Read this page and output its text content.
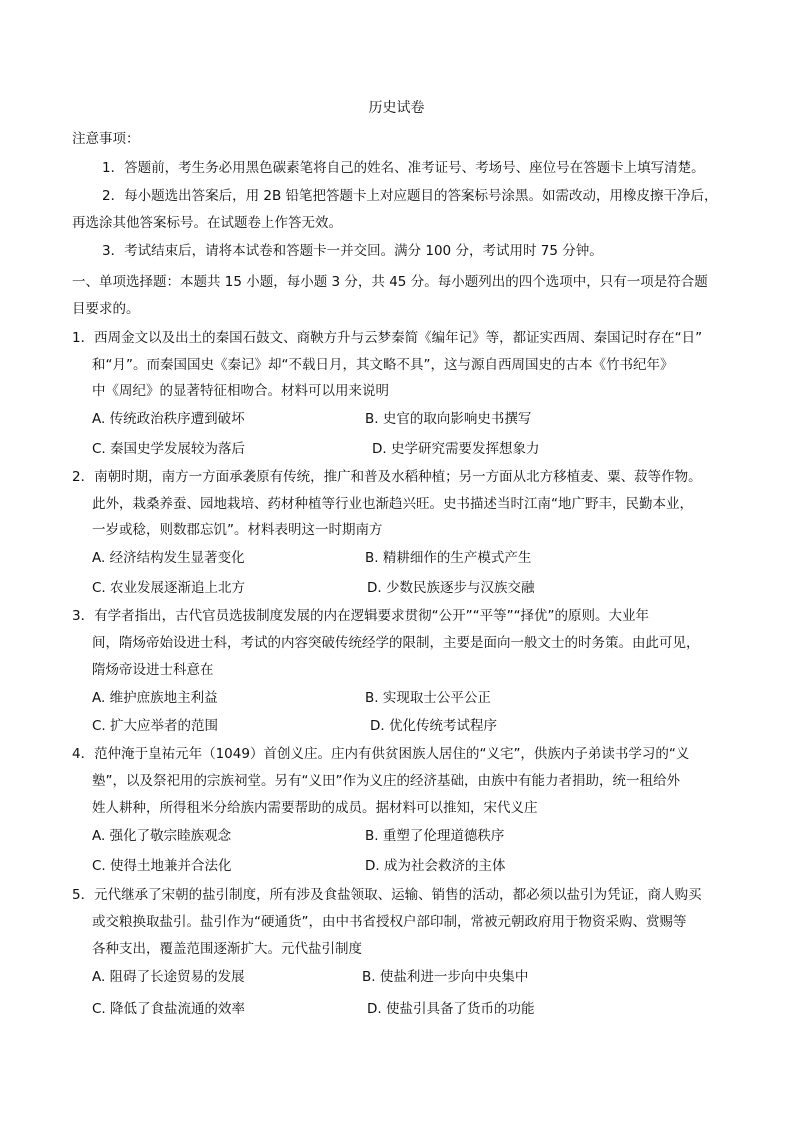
历史试卷
注意事项：
1．答题前，考生务必用黑色碳素笔将自己的姓名、准考证号、考场号、座位号在答题卡上填写清楚。
2．每小题选出答案后，用 2B 铅笔把答题卡上对应题目的答案标号涂黑。如需改动，用橡皮擦干净后，
再选涂其他答案标号。在试题卷上作答无效。
3．考试结束后，请将本试卷和答题卡一并交回。满分 100 分，考试用时 75 分钟。
一、单项选择题：本题共 15 小题，每小题 3 分，共 45 分。每小题列出的四个选项中，只有一项是符合题
目要求的。
1．西周金文以及出土的秦国石鼓文、商鞅方升与云梦秦简《编年记》等，都证实西周、秦国记时存在“日”
和“月”。而秦国国史《秦记》却“不载日月，其文略不具”，这与源自西周国史的古本《竹书纪年》
中《周纪》的显著特征相吻合。材料可以用来说明
A. 传统政治秩序遭到破坏	B. 史官的取向影响史书撰写
C. 秦国史学发展较为落后	D. 史学研究需要发挥想象力
2．南朝时期，南方一方面承袭原有传统，推广和普及水稻种植；另一方面从北方移植麦、粟、菽等作物。
此外，栽桑养蚕、园地栽培、药材种植等行业也渐趋兴旺。史书描述当时江南“地广野丰，民勤本业，
一岁或稔，则数郡忘饥”。材料表明这一时期南方
A. 经济结构发生显著变化	B. 精耕细作的生产模式产生
C. 农业发展逐渐追上北方	D. 少数民族逐步与汉族交融
3．有学者指出，古代官员选拔制度发展的内在逻辑要求贯彻“公开”“平等”“择优”的原则。大业年
间，隋炀帝始设进士科，考试的内容突破传统经学的限制，主要是面向一般文士的时务策。由此可见，
隋炀帝设进士科意在
A. 维护庶族地主利益	B. 实现取士公平公正
C. 扩大应举者的范围	D. 优化传统考试程序
4．范仲淹于皇祐元年（1049）首创义庄。庄内有供贫困族人居住的“义宅”，供族内子弟读书学习的“义
塾”，以及祭祀用的宗族祠堂。另有“义田”作为义庄的经济基础，由族中有能力者捐助，统一租给外
姓人耕种，所得租米分给族内需要帮助的成员。据材料可以推知，宋代义庄
A. 强化了敬宗睦族观念	B. 重塑了伦理道德秩序
C. 使得土地兼并合法化	D. 成为社会救济的主体
5．元代继承了宋朝的盐引制度，所有涉及食盐领取、运输、销售的活动，都必须以盐引为凭证，商人购买
或交粮换取盐引。盐引作为“硬通货”，由中书省授权户部印制，常被元朝政府用于物资采购、赏赐等
各种支出，覆盖范围逐渐扩大。元代盐引制度
A. 阻碍了长途贸易的发展	B. 使盐利进一步向中央集中
C. 降低了食盐流通的效率	D. 使盐引具备了货币的功能
